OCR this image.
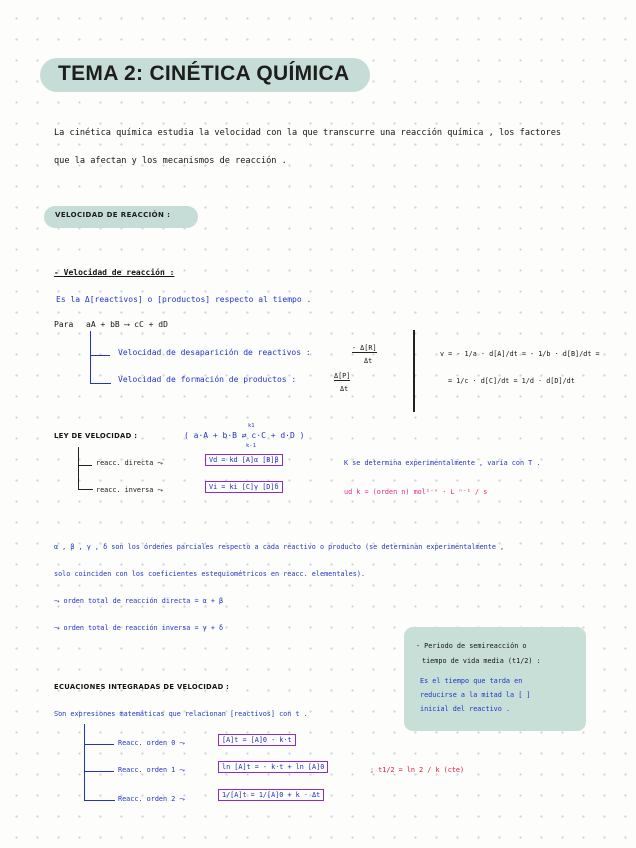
TEMA 2: CINÉTICA QUÍMICA
La cinética química estudia la velocidad con la que transcurre una reacción química , los factores
que la afectan y los mecanismos de reacción .
VELOCIDAD DE REACCIÓN :
- Velocidad de reacción :
Es la Δ[reactivos] o [productos] respecto al tiempo .
Para aA + bB ⟶ cC + dD
Velocidad de desaparición de reactivos :	- Δ[R]
Δt
Velocidad de formación de productos :	Δ[P]
Δt
v = - 1/a · d[A]/dt = - 1/b · d[B]/dt =
= 1/c · d[C]/dt = 1/d · d[D]/dt
LEY DE VELOCIDAD :	( a·A + b·B ⇄ c·C + d·D )
k1
k-1
reacc. directa ⤳	Vd = kd [A]α [B]β	K se determina experimentalmente , varía con T .
reacc. inversa ⤳	Vi = ki [C]γ [D]δ
ud k = (orden n) mol¹⁻ⁿ · L ⁿ⁻¹ / s
α , β , γ , δ son los órdenes parciales respecto a cada reactivo o producto (se determinan experimentalmente ,
solo coinciden con los coeficientes estequiométricos en reacc. elementales).
⤳ orden total de reacción directa = α + β
⤳ orden total de reacción inversa = γ + δ
- Periodo de semireacción o
tiempo de vida media (t1/2) :
Es el tiempo que tarda en
reducirse a la mitad la [ ]
inicial del reactivo .
ECUACIONES INTEGRADAS DE VELOCIDAD :
Son expresiones matemáticas que relacionan [reactivos] con t .
Reacc. orden 0 ⤳	[A]t = [A]0 - k·t
Reacc. orden 1 ⤳	ln [A]t = - k·t + ln [A]0	; t1/2 = ln 2 / k (cte)
Reacc. orden 2 ⤳	1/[A]t = 1/[A]0 + k · Δt
